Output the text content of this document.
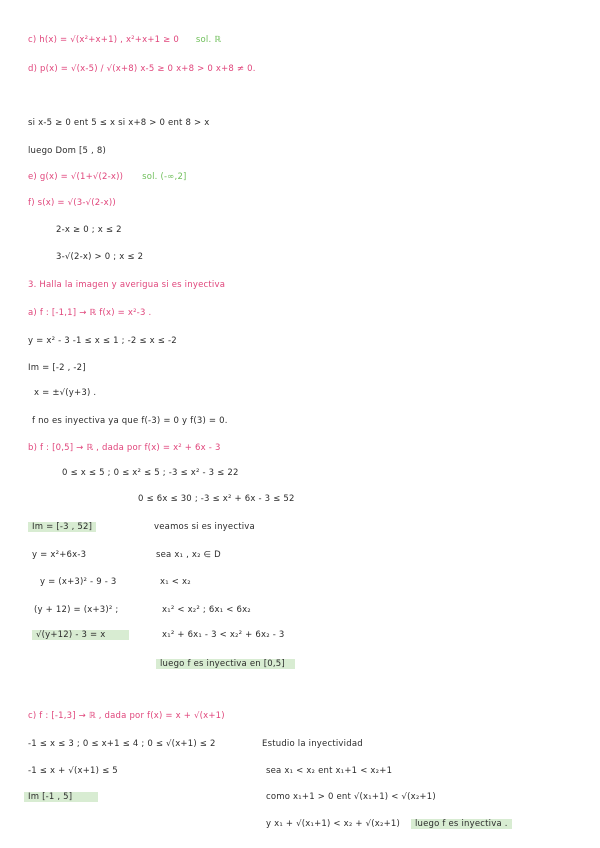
c) h(x) = √(x²+x+1) , x²+x+1 ≥ 0 sol. ℝ
d) p(x) = √(x-5) / √(x+8) x-5 ≥ 0 x+8 > 0 x+8 ≠ 0.
si x-5 ≥ 0 ent 5 ≤ x si x+8 > 0 ent 8 > x
luego Dom [5 , 8)
e) g(x) = √(1+√(2-x)) sol. (-∞,2]
f) s(x) = √(3-√(2-x))
2-x ≥ 0 ; x ≤ 2
3-√(2-x) > 0 ; x ≤ 2
3. Halla la imagen y averigua si es inyectiva
a) f : [-1,1] → ℝ f(x) = x²-3 .
y = x² - 3 -1 ≤ x ≤ 1 ; -2 ≤ x ≤ -2
Im = [-2 , -2]
x = ±√(y+3) .
f no es inyectiva ya que f(-3) = 0 y f(3) = 0.
b) f : [0,5] → ℝ , dada por f(x) = x² + 6x - 3
0 ≤ x ≤ 5 ; 0 ≤ x² ≤ 5 ; -3 ≤ x² - 3 ≤ 22
0 ≤ 6x ≤ 30 ; -3 ≤ x² + 6x - 3 ≤ 52
Im = [-3 , 52]	veamos si es inyectiva
y = x²+6x-3	sea x₁ , x₂ ∈ D
y = (x+3)² - 9 - 3	x₁ < x₂
(y + 12) = (x+3)² ;	x₁² < x₂² ; 6x₁ < 6x₂
√(y+12) - 3 = x	x₁² + 6x₁ - 3 < x₂² + 6x₂ - 3
luego f es inyectiva en [0,5]
c) f : [-1,3] → ℝ , dada por f(x) = x + √(x+1)
-1 ≤ x ≤ 3 ; 0 ≤ x+1 ≤ 4 ; 0 ≤ √(x+1) ≤ 2	Estudio la inyectividad
-1 ≤ x + √(x+1) ≤ 5	sea x₁ < x₂ ent x₁+1 < x₂+1
Im [-1 , 5]	como x₁+1 > 0 ent √(x₁+1) < √(x₂+1)
y x₁ + √(x₁+1) < x₂ + √(x₂+1) luego f es inyectiva .
